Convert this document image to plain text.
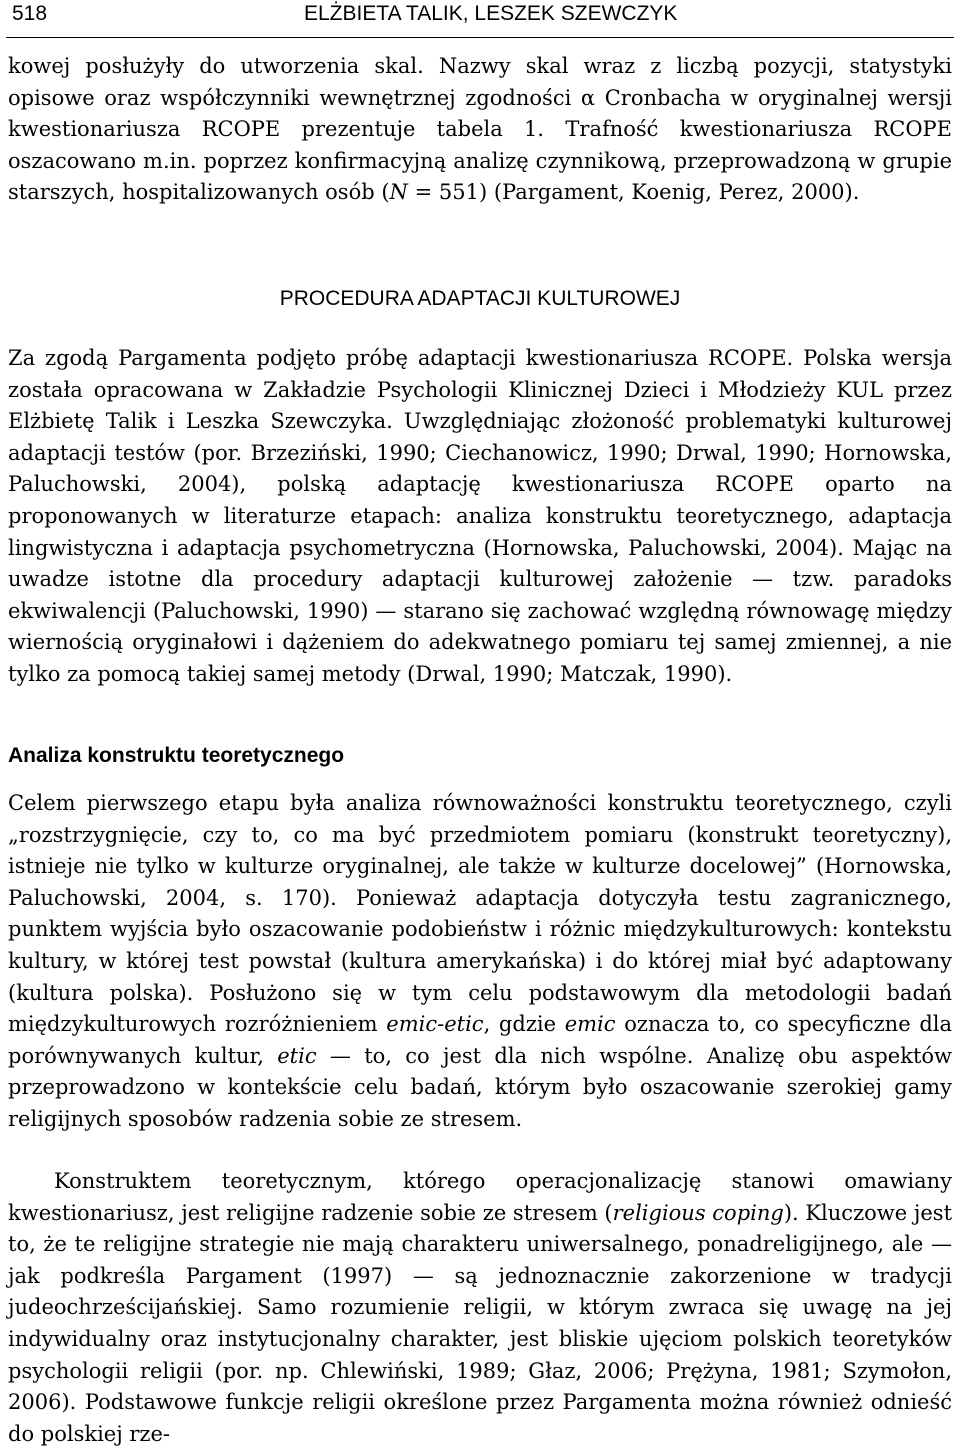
518	ELŻBIETA TALIK, LESZEK SZEWCZYK

kowej posłużyły do utworzenia skal. Nazwy skal wraz z liczbą pozycji, statystyki opisowe oraz współczynniki wewnętrznej zgodności α Cronbacha w oryginalnej wersji kwestionariusza RCOPE prezentuje tabela 1. Trafność kwestionariusza RCOPE oszacowano m.in. poprzez konfirmacyjną analizę czynnikową, przeprowadzoną w grupie starszych, hospitalizowanych osób (N = 551) (Pargament, Koenig, Perez, 2000).

PROCEDURA ADAPTACJI KULTUROWEJ

Za zgodą Pargamenta podjęto próbę adaptacji kwestionariusza RCOPE. Polska wersja została opracowana w Zakładzie Psychologii Klinicznej Dzieci i Młodzieży KUL przez Elżbietę Talik i Leszka Szewczyka. Uwzględniając złożoność problematyki kulturowej adaptacji testów (por. Brzeziński, 1990; Ciechanowicz, 1990; Drwal, 1990; Hornowska, Paluchowski, 2004), polską adaptację kwestionariusza RCOPE oparto na proponowanych w literaturze etapach: analiza konstruktu teoretycznego, adaptacja lingwistyczna i adaptacja psychometryczna (Hornowska, Paluchowski, 2004). Mając na uwadze istotne dla procedury adaptacji kulturowej założenie — tzw. paradoks ekwiwalencji (Paluchowski, 1990) — starano się zachować względną równowagę między wiernością oryginałowi i dążeniem do adekwatnego pomiaru tej samej zmiennej, a nie tylko za pomocą takiej samej metody (Drwal, 1990; Matczak, 1990).

Analiza konstruktu teoretycznego

Celem pierwszego etapu była analiza równoważności konstruktu teoretycznego, czyli „rozstrzygnięcie, czy to, co ma być przedmiotem pomiaru (konstrukt teoretyczny), istnieje nie tylko w kulturze oryginalnej, ale także w kulturze docelowej” (Hornowska, Paluchowski, 2004, s. 170). Ponieważ adaptacja dotyczyła testu zagranicznego, punktem wyjścia było oszacowanie podobieństw i różnic międzykulturowych: kontekstu kultury, w której test powstał (kultura amerykańska) i do której miał być adaptowany (kultura polska). Posłużono się w tym celu podstawowym dla metodologii badań międzykulturowych rozróżnieniem emic-etic, gdzie emic oznacza to, co specyficzne dla porównywanych kultur, etic — to, co jest dla nich wspólne. Analizę obu aspektów przeprowadzono w kontekście celu badań, którym było oszacowanie szerokiej gamy religijnych sposobów radzenia sobie ze stresem.

Konstruktem teoretycznym, którego operacjonalizację stanowi omawiany kwestionariusz, jest religijne radzenie sobie ze stresem (religious coping). Kluczowe jest to, że te religijne strategie nie mają charakteru uniwersalnego, ponadreligijnego, ale — jak podkreśla Pargament (1997) — są jednoznacznie zakorzenione w tradycji judeochrześcijańskiej. Samo rozumienie religii, w którym zwraca się uwagę na jej indywidualny oraz instytucjonalny charakter, jest bliskie ujęciom polskich teoretyków psychologii religii (por. np. Chlewiński, 1989; Głaz, 2006; Prężyna, 1981; Szymołon, 2006). Podstawowe funkcje religii określone przez Pargamenta można również odnieść do polskiej rze-
